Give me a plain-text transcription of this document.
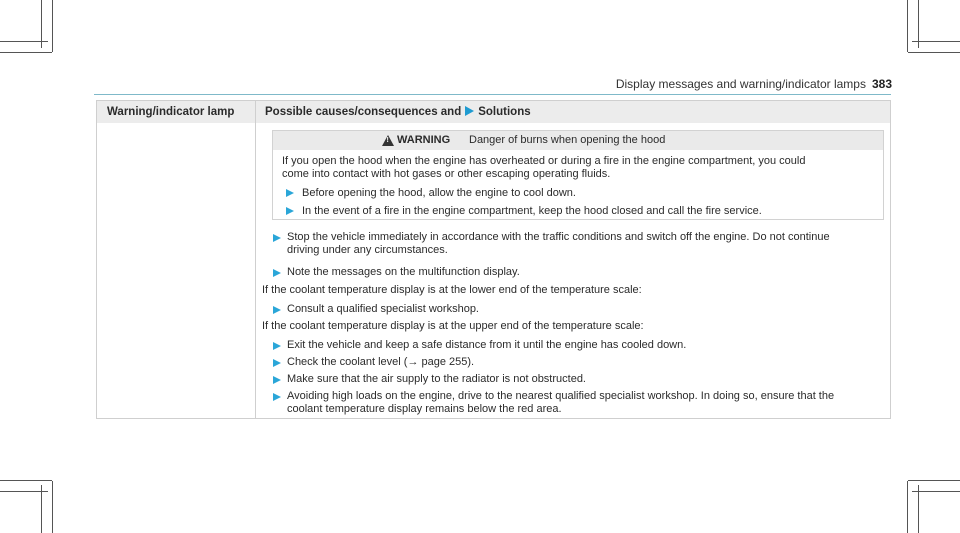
Display messages and warning/indicator lamps 383
Warning/indicator lamp	Possible causes/consequences and Solutions
!
WARNING Danger of burns when opening the hood
If you open the hood when the engine has overheated or during a fire in the engine compartment, you could
come into contact with hot gases or other escaping operating fluids.
Before opening the hood, allow the engine to cool down.
In the event of a fire in the engine compartment, keep the hood closed and call the fire service.
Stop the vehicle immediately in accordance with the traffic conditions and switch off the engine. Do not continue
driving under any circumstances.
Note the messages on the multifunction display.
If the coolant temperature display is at the lower end of the temperature scale:
Consult a qualified specialist workshop.
If the coolant temperature display is at the upper end of the temperature scale:
Exit the vehicle and keep a safe distance from it until the engine has cooled down.
Check the coolant level (→ page 255).
Make sure that the air supply to the radiator is not obstructed.
Avoiding high loads on the engine, drive to the nearest qualified specialist workshop. In doing so, ensure that the
coolant temperature display remains below the red area.
